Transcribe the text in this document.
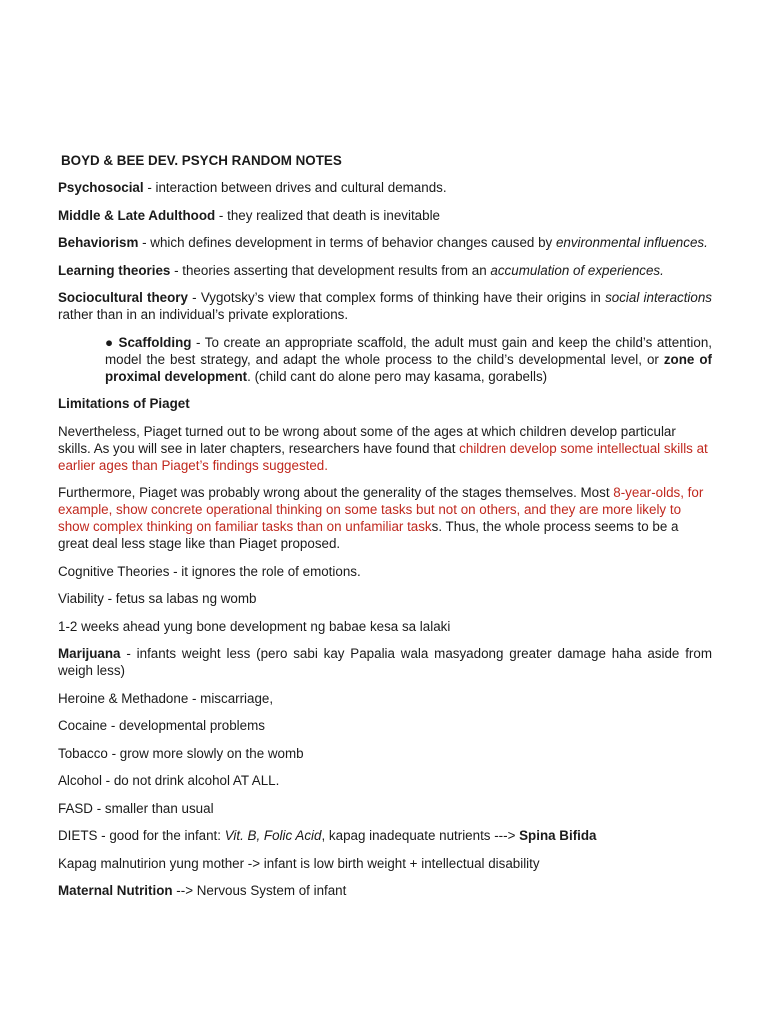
BOYD & BEE DEV. PSYCH RANDOM NOTES
Psychosocial - interaction between drives and cultural demands.
Middle & Late Adulthood - they realized that death is inevitable
Behaviorism - which defines development in terms of behavior changes caused by environmental influences.
Learning theories - theories asserting that development results from an accumulation of experiences.
Sociocultural theory - Vygotsky’s view that complex forms of thinking have their origins in social interactions rather than in an individual’s private explorations.
● Scaffolding - To create an appropriate scaffold, the adult must gain and keep the child’s attention, model the best strategy, and adapt the whole process to the child’s developmental level, or zone of proximal development. (child cant do alone pero may kasama, gorabells)
Limitations of Piaget
Nevertheless, Piaget turned out to be wrong about some of the ages at which children develop particular skills. As you will see in later chapters, researchers have found that children develop some intellectual skills at earlier ages than Piaget’s findings suggested.
Furthermore, Piaget was probably wrong about the generality of the stages themselves. Most 8-year-olds, for example, show concrete operational thinking on some tasks but not on others, and they are more likely to show complex thinking on familiar tasks than on unfamiliar tasks. Thus, the whole process seems to be a great deal less stage like than Piaget proposed.
Cognitive Theories - it ignores the role of emotions.
Viability - fetus sa labas ng womb
1-2 weeks ahead yung bone development ng babae kesa sa lalaki
Marijuana - infants weight less (pero sabi kay Papalia wala masyadong greater damage haha aside from weigh less)
Heroine & Methadone - miscarriage,
Cocaine - developmental problems
Tobacco - grow more slowly on the womb
Alcohol - do not drink alcohol AT ALL.
FASD - smaller than usual
DIETS - good for the infant: Vit. B, Folic Acid, kapag inadequate nutrients ---> Spina Bifida
Kapag malnutirion yung mother -> infant is low birth weight + intellectual disability
Maternal Nutrition --> Nervous System of infant
